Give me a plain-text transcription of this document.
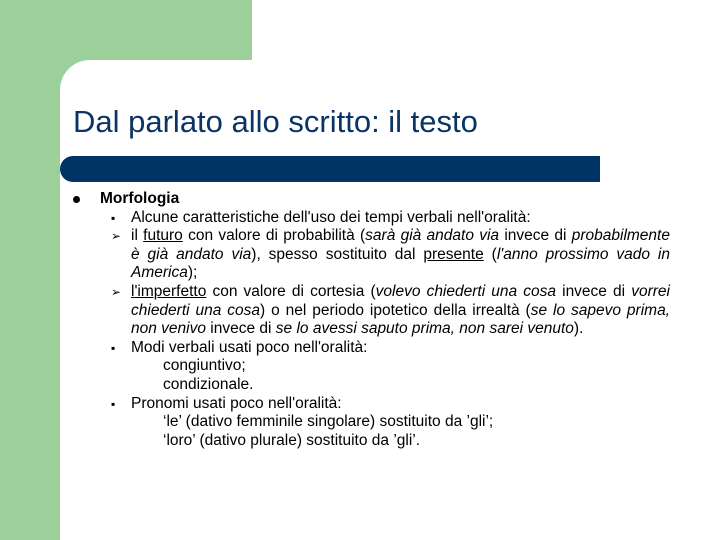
Dal parlato allo scritto: il testo
Morfologia
▪
Alcune caratteristiche dell'uso dei tempi verbali nell'oralità:
➢
il futuro con valore di probabilità (sarà già andato via invece di probabilmente è già andato via), spesso sostituito dal presente (l'anno prossimo vado in America);
➢
l'imperfetto con valore di cortesia (volevo chiederti una cosa invece di vorrei chiederti una cosa) o nel periodo ipotetico della irrealtà (se lo sapevo prima, non venivo invece di se lo avessi saputo prima, non sarei venuto).
▪
Modi verbali usati poco nell'oralità:
congiuntivo;
condizionale.
▪
Pronomi usati poco nell'oralità:
‘le’ (dativo femminile singolare) sostituito da ’gli’;
‘loro’ (dativo plurale) sostituito da ’gli’.
